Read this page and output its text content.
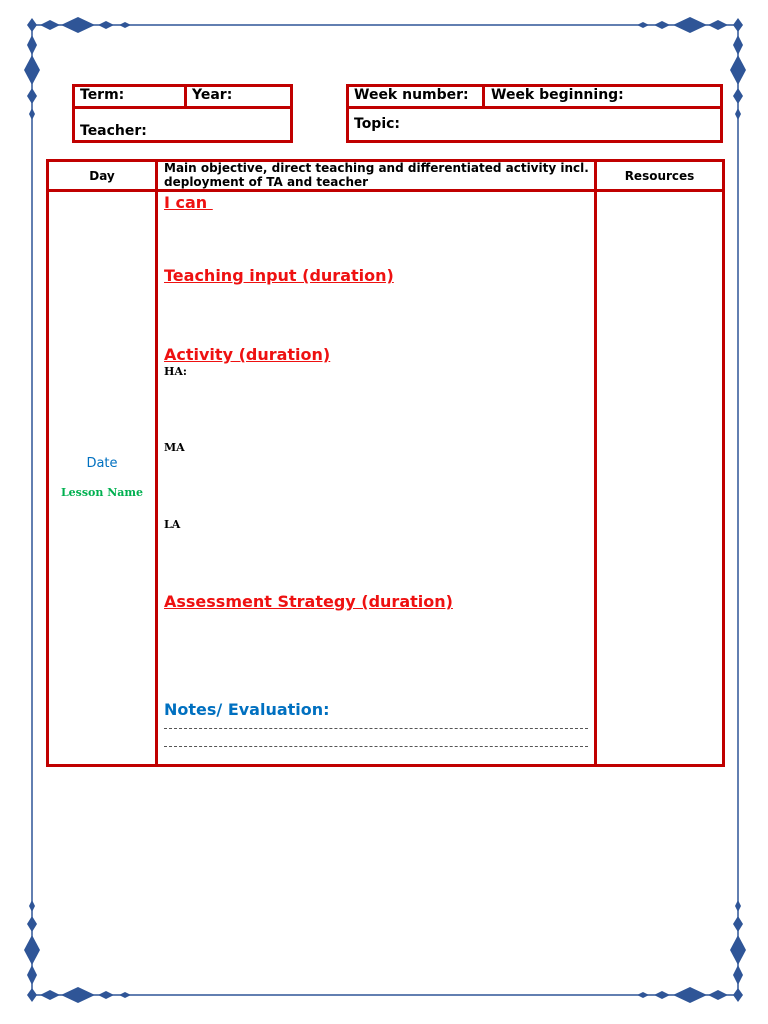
Term:	Year:
Teacher:
Week number: Week beginning:
Topic:
Day
Main objective, direct teaching and differentiated activity incl. deployment of TA and teacher	Resources
Date
Lesson Name
I can
Teaching input (duration)
Activity (duration)
HA:
MA
LA
Assessment Strategy (duration)
Notes/ Evaluation:
